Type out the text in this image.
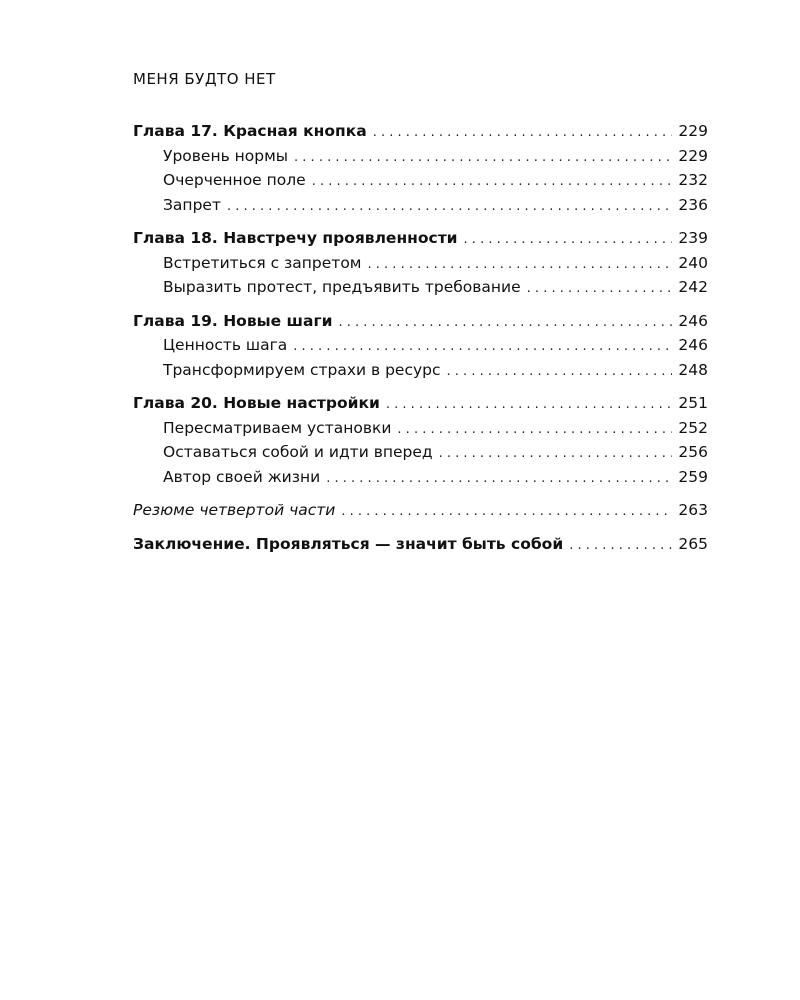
МЕНЯ БУДТО НЕТ
Глава 17. Красная кнопка . . .	229
Уровень нормы . . .	229
Очерченное поле . . .	232
Запрет . . .	236
Глава 18. Навстречу проявленности . . .	239
Встретиться с запретом . . .	240
Выразить протест, предъявить требование . . .	242
Глава 19. Новые шаги . . .	246
Ценность шага . . .	246
Трансформируем страхи в ресурс . . .	248
Глава 20. Новые настройки . . .	251
Пересматриваем установки . . .	252
Оставаться собой и идти вперед . . .	256
Автор своей жизни . . .	259
Резюме четвертой части . . .	263
Заключение. Проявляться — значит быть собой . . .	265
